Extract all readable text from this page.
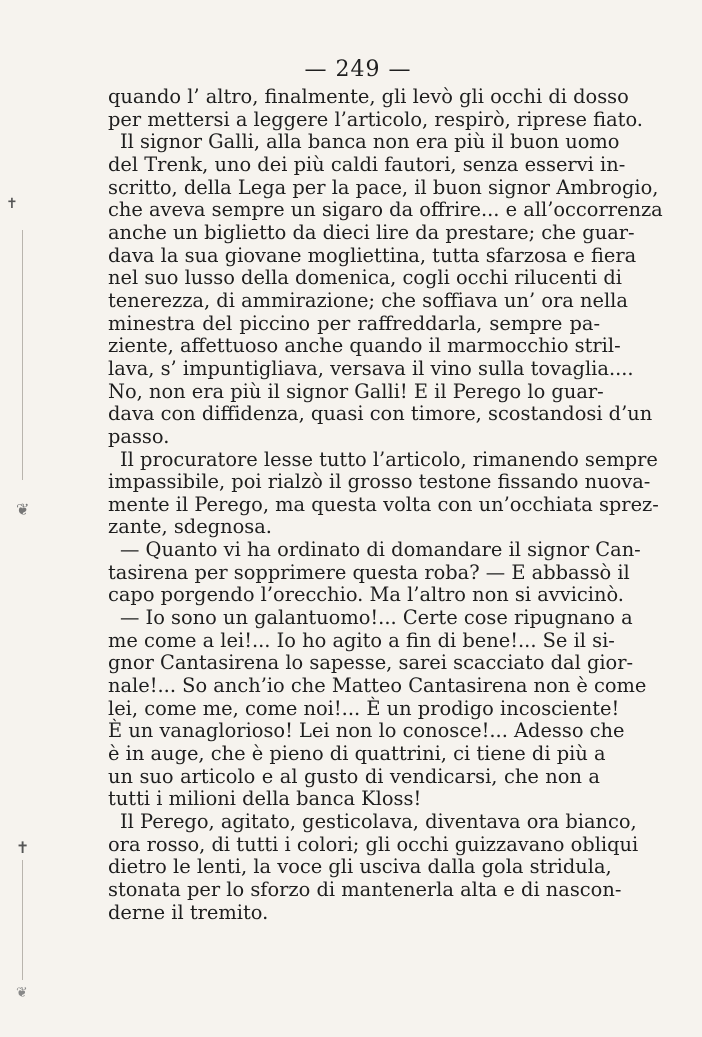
— 249 —
quando l’ altro, finalmente, gli levò gli occhi di dosso
per mettersi a leggere l’articolo, respirò, riprese fiato.
Il signor Galli, alla banca non era più il buon uomo
del Trenk, uno dei più caldi fautori, senza esservi in-
scritto, della Lega per la pace, il buon signor Ambrogio,
che aveva sempre un sigaro da offrire... e all’occorrenza
anche un biglietto da dieci lire da prestare; che guar-
dava la sua giovane mogliettina, tutta sfarzosa e fiera
nel suo lusso della domenica, cogli occhi rilucenti di
tenerezza, di ammirazione; che soffiava un’ ora nella
minestra del piccino per raffreddarla, sempre pa-
ziente, affettuoso anche quando il marmocchio stril-
lava, s’ impuntigliava, versava il vino sulla tovaglia....
No, non era più il signor Galli! E il Perego lo guar-
dava con diffidenza, quasi con timore, scostandosi d’un
passo.
Il procuratore lesse tutto l’articolo, rimanendo sempre
impassibile, poi rialzò il grosso testone fissando nuova-
mente il Perego, ma questa volta con un’occhiata sprez-
zante, sdegnosa.
— Quanto vi ha ordinato di domandare il signor Can-
tasirena per sopprimere questa roba? — E abbassò il
capo porgendo l’orecchio. Ma l’altro non si avvicinò.
— Io sono un galantuomo!... Certe cose ripugnano a
me come a lei!... Io ho agito a fin di bene!... Se il si-
gnor Cantasirena lo sapesse, sarei scacciato dal gior-
nale!... So anch’io che Matteo Cantasirena non è come
lei, come me, come noi!... È un prodigo incosciente!
È un vanaglorioso! Lei non lo conosce!... Adesso che
è in auge, che è pieno di quattrini, ci tiene di più a
un suo articolo e al gusto di vendicarsi, che non a
tutti i milioni della banca Kloss!
Il Perego, agitato, gesticolava, diventava ora bianco,
ora rosso, di tutti i colori; gli occhi guizzavano obliqui
dietro le lenti, la voce gli usciva dalla gola stridula,
stonata per lo sforzo di mantenerla alta e di nascon-
derne il tremito.
✝
❦
✝
❦
